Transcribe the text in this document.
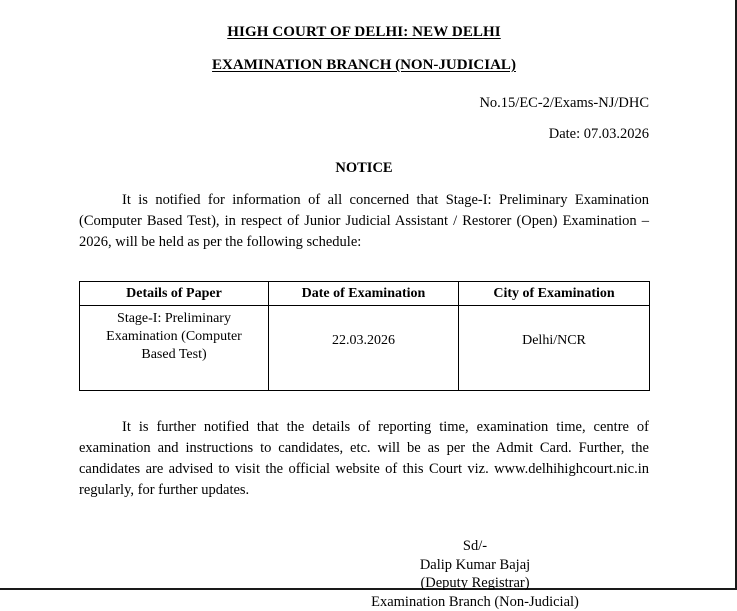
HIGH COURT OF DELHI: NEW DELHI
EXAMINATION BRANCH (NON-JUDICIAL)

No.15/EC-2/Exams-NJ/DHC

Date: 07.03.2026

NOTICE

It is notified for information of all concerned that Stage-I: Preliminary Examination (Computer Based Test), in respect of Junior Judicial Assistant / Restorer (Open) Examination – 2026, will be held as per the following schedule:

Details of Paper	Date of Examination	City of Examination
Stage-I: Preliminary Examination (Computer Based Test)	22.03.2026	Delhi/NCR

It is further notified that the details of reporting time, examination time, centre of examination and instructions to candidates, etc. will be as per the Admit Card. Further, the candidates are advised to visit the official website of this Court viz. www.delhihighcourt.nic.in regularly, for further updates.

Sd/-
Dalip Kumar Bajaj
(Deputy Registrar)
Examination Branch (Non-Judicial)
